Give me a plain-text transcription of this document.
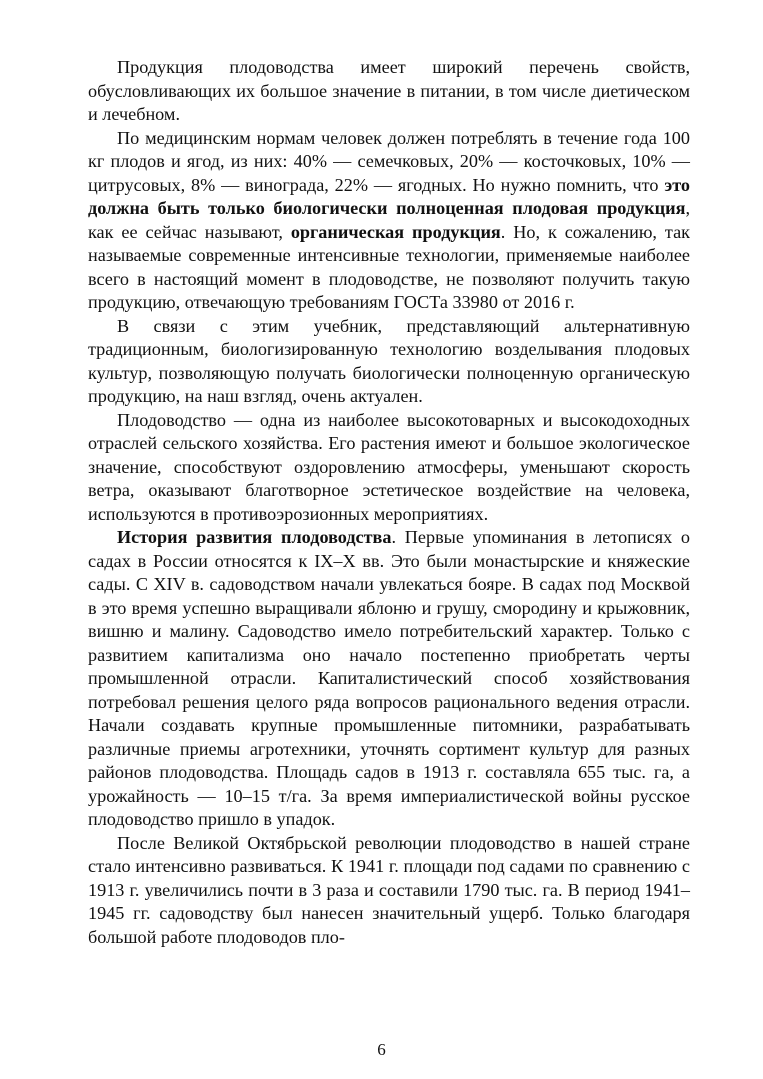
Продукция плодоводства имеет широкий перечень свойств, обусловливающих их большое значение в питании, в том числе диетическом и лечебном.

По медицинским нормам человек должен потреблять в течение года 100 кг плодов и ягод, из них: 40% — семечковых, 20% — косточковых, 10% — цитрусовых, 8% — винограда, 22% — ягодных. Но нужно помнить, что это должна быть только биологически полноценная плодовая продукция, как ее сейчас называют, органическая продукция. Но, к сожалению, так называемые современные интенсивные технологии, применяемые наиболее всего в настоящий момент в плодоводстве, не позволяют получить такую продукцию, отвечающую требованиям ГОСТа 33980 от 2016 г.

В связи с этим учебник, представляющий альтернативную традиционным, биологизированную технологию возделывания плодовых культур, позволяющую получать биологически полноценную органическую продукцию, на наш взгляд, очень актуален.

Плодоводство — одна из наиболее высокотоварных и высокодоходных отраслей сельского хозяйства. Его растения имеют и большое экологическое значение, способствуют оздоровлению атмосферы, уменьшают скорость ветра, оказывают благотворное эстетическое воздействие на человека, используются в противоэрозионных мероприятиях.

История развития плодоводства. Первые упоминания в летописях о садах в России относятся к IX–X вв. Это были монастырские и княжеские сады. С XIV в. садоводством начали увлекаться бояре. В садах под Москвой в это время успешно выращивали яблоню и грушу, смородину и крыжовник, вишню и малину. Садоводство имело потребительский характер. Только с развитием капитализма оно начало постепенно приобретать черты промышленной отрасли. Капиталистический способ хозяйствования потребовал решения целого ряда вопросов рационального ведения отрасли. Начали создавать крупные промышленные питомники, разрабатывать различные приемы агротехники, уточнять сортимент культур для разных районов плодоводства. Площадь садов в 1913 г. составляла 655 тыс. га, а урожайность — 10–15 т/га. За время империалистической войны русское плодоводство пришло в упадок.

После Великой Октябрьской революции плодоводство в нашей стране стало интенсивно развиваться. К 1941 г. площади под садами по сравнению с 1913 г. увеличились почти в 3 раза и составили 1790 тыс. га. В период 1941–1945 гг. садоводству был нанесен значительный ущерб. Только благодаря большой работе плодоводов пло-

6
